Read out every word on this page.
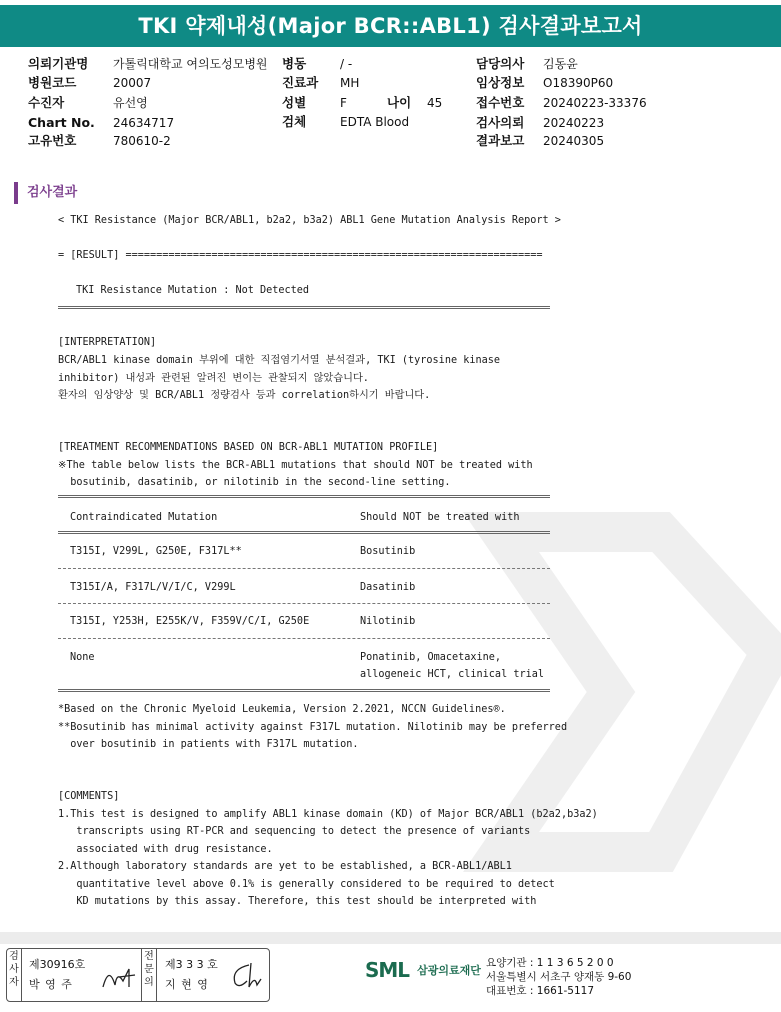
TKI 약제내성(Major BCR::ABL1) 검사결과보고서
의뢰기관명 가톨릭대학교 여의도성모병원
병원코드	20007
수진자	유선영
Chart No. 24634717
고유번호	780610-2
병동	/ -
진료과 MH
성별	F	나이 45
검체	EDTA Blood
담당의사 김동윤
임상정보 O18390P60
접수번호 20240223-33376
검사의뢰 20240223
결과보고 20240305
검사결과
< TKI Resistance (Major BCR/ABL1, b2a2, b3a2) ABL1 Gene Mutation Analysis Report >
= [RESULT] ====================================================================
TKI Resistance Mutation : Not Detected
[INTERPRETATION]
BCR/ABL1 kinase domain 부위에 대한 직접염기서열 분석결과, TKI (tyrosine kinase
inhibitor) 내성과 관련된 알려진 변이는 관찰되지 않았습니다.
환자의 임상양상 및 BCR/ABL1 정량검사 등과 correlation하시기 바랍니다.
[TREATMENT RECOMMENDATIONS BASED ON BCR-ABL1 MUTATION PROFILE]
※The table below lists the BCR-ABL1 mutations that should NOT be treated with
bosutinib, dasatinib, or nilotinib in the second-line setting.
Contraindicated Mutation	Should NOT be treated with
T315I, V299L, G250E, F317L**	Bosutinib
T315I/A, F317L/V/I/C, V299L	Dasatinib
T315I, Y253H, E255K/V, F359V/C/I, G250E	Nilotinib
None	Ponatinib, Omacetaxine,
allogeneic HCT, clinical trial
*Based on the Chronic Myeloid Leukemia, Version 2.2021, NCCN Guidelines®.
**Bosutinib has minimal activity against F317L mutation. Nilotinib may be preferred
over bosutinib in patients with F317L mutation.
[COMMENTS]
1.This test is designed to amplify ABL1 kinase domain (KD) of Major BCR/ABL1 (b2a2,b3a2)
transcripts using RT-PCR and sequencing to detect the presence of variants
associated with drug resistance.
2.Although laboratory standards are yet to be established, a BCR-ABL1/ABL1
quantitative level above 0.1% is generally considered to be required to detect
KD mutations by this assay. Therefore, this test should be interpreted with
검사자
제30916호
박 영 주
전문의
제3 3 3 호
지 현 영
SML 삼광의료재단
요양기관 : 1 1 3 6 5 2 0 0
서울특별시 서초구 양재동 9-60
대표번호 : 1661-5117
